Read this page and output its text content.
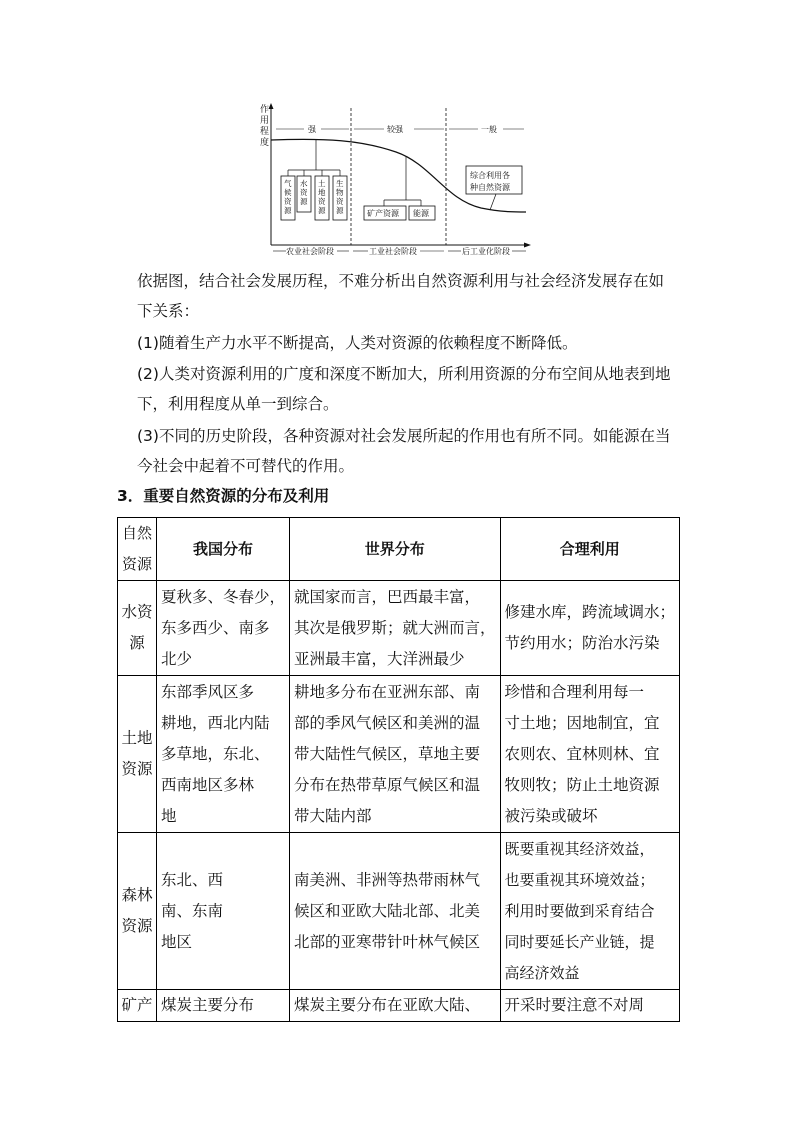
作
用
程
度
强	较强	一般
气
候
资
源
水
资
源
土
地
资
源
生
物
资
源	矿产资源 能源
综合利用各
种自然资源
农业社会阶段	工业社会阶段	后工业化阶段

依据图，结合社会发展历程，不难分析出自然资源利用与社会经济发展存在如
下关系：

(1)随着生产力水平不断提高，人类对资源的依赖程度不断降低。

(2)人类对资源利用的广度和深度不断加大，所利用资源的分布空间从地表到地
下，利用程度从单一到综合。

(3)不同的历史阶段，各种资源对社会发展所起的作用也有所不同。如能源在当
今社会中起着不可替代的作用。

3．重要自然资源的分布及利用

自然
资源	我国分布	世界分布	合理利用

水资
源	夏秋多、冬春少，
东多西少、南多
北少	就国家而言，巴西最丰富，
其次是俄罗斯；就大洲而言，
亚洲最丰富，大洋洲最少	修建水库，跨流域调水；
节约用水；防治水污染

土地
资源	东部季风区多
耕地，西北内陆
多草地，东北、
西南地区多林
地	耕地多分布在亚洲东部、南
部的季风气候区和美洲的温
带大陆性气候区，草地主要
分布在热带草原气候区和温
带大陆内部	珍惜和合理利用每一
寸土地；因地制宜，宜
农则农、宜林则林、宜
牧则牧；防止土地资源
被污染或破坏

森林
资源	东北、西
南、东南
地区	南美洲、非洲等热带雨林气
候区和亚欧大陆北部、北美
北部的亚寒带针叶林气候区	既要重视其经济效益，
也要重视其环境效益；
利用时要做到采育结合
同时要延长产业链，提
高经济效益

矿产	煤炭主要分布	煤炭主要分布在亚欧大陆、	开采时要注意不对周
